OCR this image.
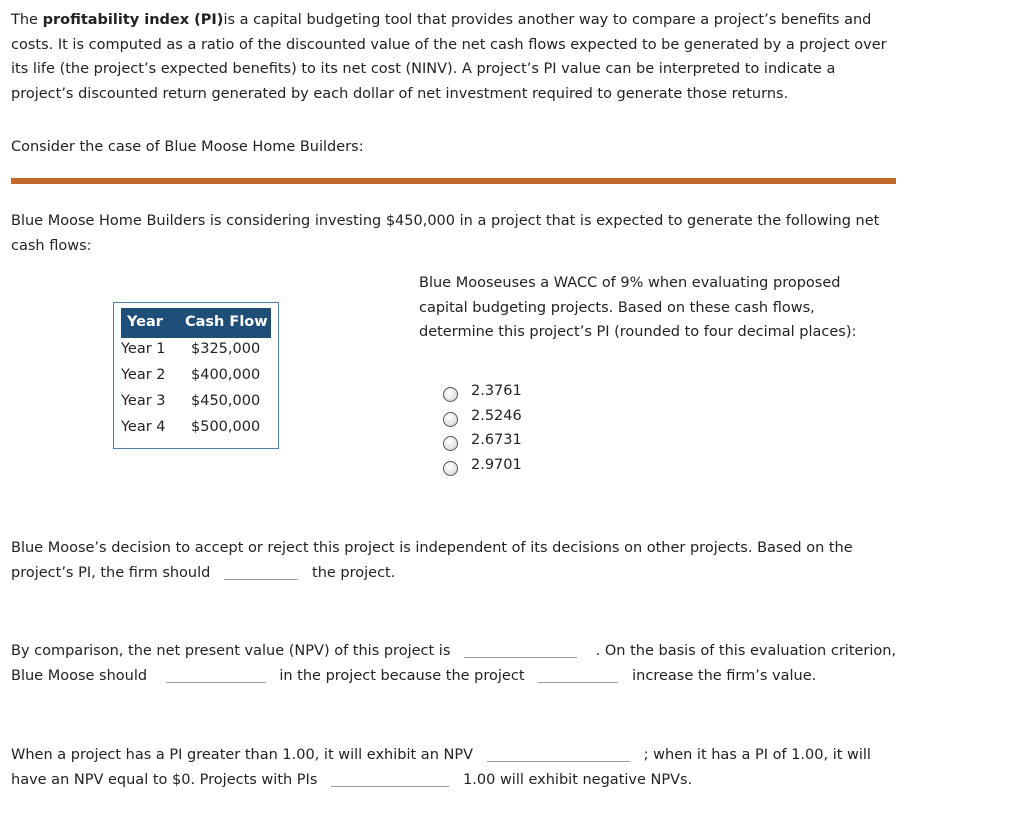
The profitability index (PI)is a capital budgeting tool that provides another way to compare a project’s benefits and costs. It is computed as a ratio of the discounted value of the net cash flows expected to be generated by a project over its life (the project’s expected benefits) to its net cost (NINV). A project’s PI value can be interpreted to indicate a project’s discounted return generated by each dollar of net investment required to generate those returns.

Consider the case of Blue Moose Home Builders:

Blue Moose Home Builders is considering investing $450,000 in a project that is expected to generate the following net cash flows:

Year Cash Flow
Year 1 $325,000
Year 2 $400,000
Year 3 $450,000
Year 4 $500,000

Blue Mooseuses a WACC of 9% when evaluating proposed capital budgeting projects. Based on these cash flows, determine this project’s PI (rounded to four decimal places):

2.3761
2.5246
2.6731
2.9701

Blue Moose’s decision to accept or reject this project is independent of its decisions on other projects. Based on the project’s PI, the firm should	the project.

By comparison, the net present value (NPV) of this project is	. On the basis of this evaluation criterion, Blue Moose should	in the project because the project	increase the firm’s value.

When a project has a PI greater than 1.00, it will exhibit an NPV	; when it has a PI of 1.00, it will have an NPV equal to $0. Projects with PIs	1.00 will exhibit negative NPVs.
